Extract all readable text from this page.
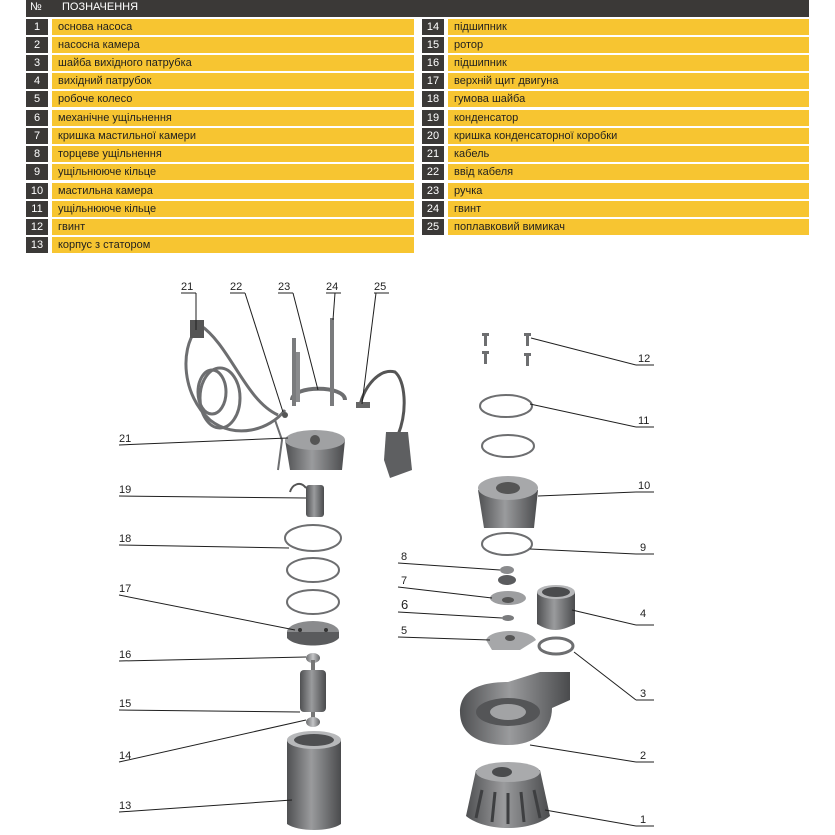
№ ПОЗНАЧЕННЯ
1	основа насоса
2	насосна камера
3	шайба вихідного патрубка
4	вихідний патрубок
5	робоче колесо
6	механічне ущільнення
7	кришка мастильної камери
8	торцеве ущільнення
9	ущільнююче кільце
10	мастильна камера
11	ущільнююче кільце
12	гвинт
13	корпус з статором
14	підшипник
15	ротор
16	підшипник
17	верхній щит двигуна
18	гумова шайба
19	конденсатор
20	кришка конденсаторної коробки
21	кабель
22	ввід кабеля
23	ручка
24	гвинт
25	поплавковий вимикач
21	22	23	24	25
21
19
18
17
16
15
14
13
12
11
10
9
4
3
2
1
8
7
6
5
